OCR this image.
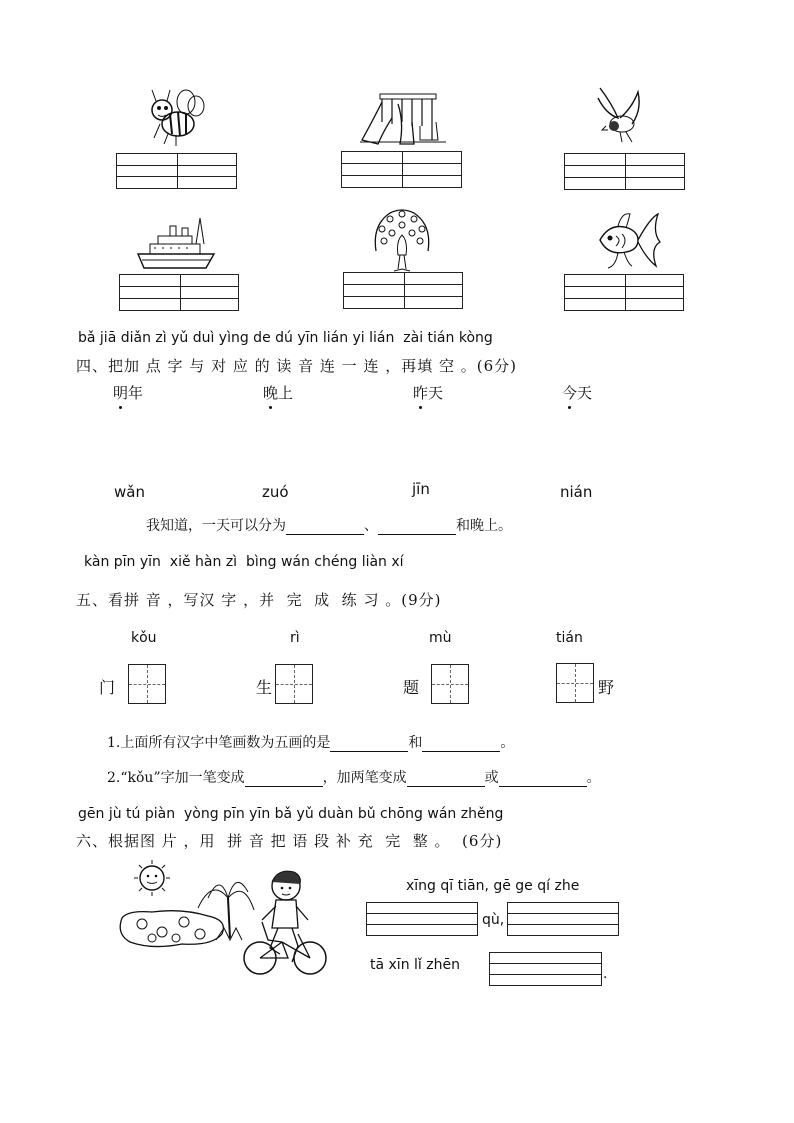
bǎ jiā diǎn zì yǔ duì yìng de dú yīn lián yi lián  zài tián kòng
四、把加 点 字 与 对 应 的 读 音 连 一 连 ，再填 空 。(6分)
明年	晚上	昨天	今天
wǎn	zuó	jīn	nián
我知道，一天可以分为	、	和晚上。
kàn pīn yīn  xiě hàn zì  bìng wán chéng liàn xí
五、看拼 音 ，写汉 字 ，并  完  成  练 习 。(9分)
kǒu	rì	mù	tián
门	生	题	野
1.上面所有汉字中笔画数为五画的是	和	。
2.“kǒu”字加一笔变成	，加两笔变成	或	。
gēn jù tú piàn  yòng pīn yīn bǎ yǔ duàn bǔ chōng wán zhěng
六、根据图 片 ，用  拼 音 把 语 段 补 充  完  整 。  (6分)
xīng qī tiān, gē ge qí zhe
qù,
tā xīn lǐ zhēn
.
